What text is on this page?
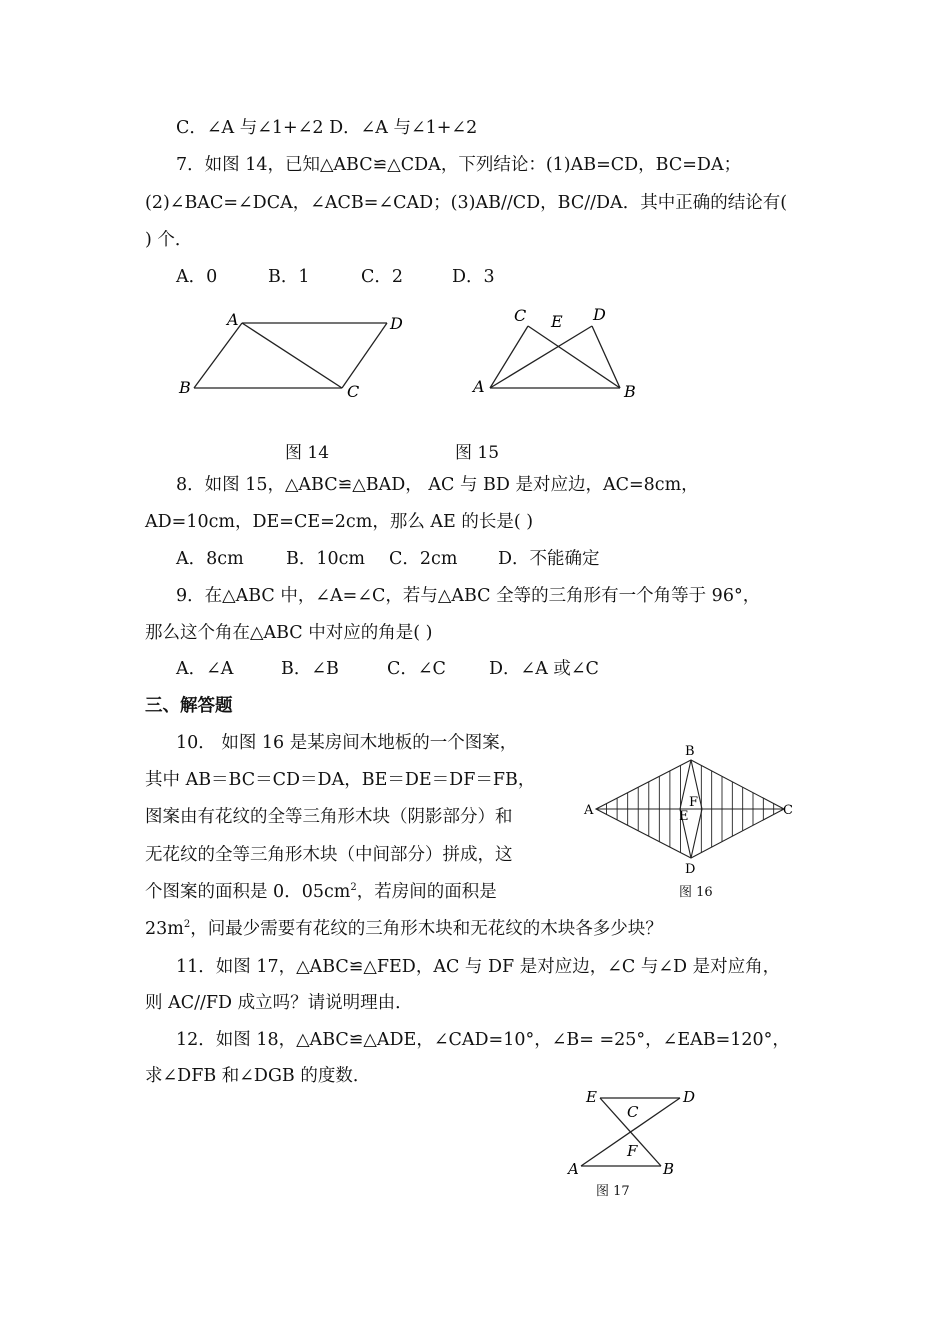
C．∠A 与∠1+∠2 D．∠A 与∠1+∠2
7．如图 14，已知△ABC≌△CDA，下列结论：(1)AB=CD，BC=DA；
(2)∠BAC=∠DCA，∠ACB=∠CAD；(3)AB//CD，BC//DA．其中正确的结论有(
) 个．
A．0	B．1	C．2	D．3
A	D
B	C
C E D
A	B
图 14	图 15
8．如图 15，△ABC≌△BAD， AC 与 BD 是对应边，AC=8cm，
AD=10cm，DE=CE=2cm，那么 AE 的长是( )
A．8cm B．10cm C．2cm D．不能确定
9．在△ABC 中，∠A=∠C，若与△ABC 全等的三角形有一个角等于 96°，
那么这个角在△ABC 中对应的角是( )
A．∠A	B．∠B	C．∠C D．∠A 或∠C
三、解答题
10． 如图 16 是某房间木地板的一个图案，
其中 AB＝BC＝CD＝DA，BE＝DE＝DF＝FB，
图案由有花纹的全等三角形木块（阴影部分）和
无花纹的全等三角形木块（中间部分）拼成，这
个图案的面积是 0．$05cm^2$，若房间的面积是
$23m^2$，问最少需要有花纹的三角形木块和无花纹的木块各多少块？
B
A	C
F
E
D
图 16
11．如图 17，△ABC≌△FED，AC 与 DF 是对应边，∠C 与∠D 是对应角，
则 AC//FD 成立吗？请说明理由．
12．如图 18，△ABC≌△ADE，∠CAD=10°，∠B= =25°，∠EAB=120°，
求∠DFB 和∠DGB 的度数．
E
C
D
F
A	B
图 17
